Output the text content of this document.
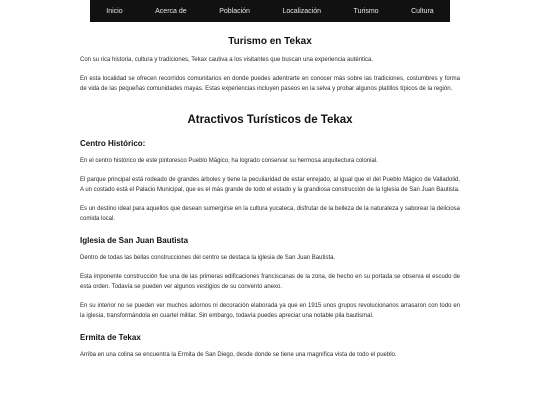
Inicio	Acerca de	Población	Localización	Turismo	Cultura
Turismo en Tekax

Con su rica historia, cultura y tradiciones, Tekax cautiva a los visitantes que buscan una experiencia auténtica.

En esta localidad se ofrecen recorridos comunitarios en donde puedes adentrarte en conocer más sobre las tradiciones, costumbres y forma de vida de las pequeñas comunidades mayas. Estas experiencias incluyen paseos en la selva y probar algunos platillos típicos de la región.

Atractivos Turísticos de Tekax
Centro Histórico:

En el centro histórico de este pintoresco Pueblo Mágico, ha logrado conservar su hermosa arquitectura colonial.

El parque principal está rodeado de grandes árboles y tiene la peculiaridad de estar enrejado, al igual que el del Pueblo Mágico de Valladolid. A un costado está el Palacio Municipal, que es el más grande de todo el estado y la grandiosa construcción de la Iglesia de San Juan Bautista.

Es un destino ideal para aquellos que desean sumergirse en la cultura yucateca, disfrutar de la belleza de la naturaleza y saborear la deliciosa comida local.

Iglesia de San Juan Bautista

Dentro de todas las bellas construcciones del centro se destaca la iglesia de San Juan Bautista.

Esta imponente construcción fue una de las primeras edificaciones franciscanas de la zona, de hecho en su portada se observa el escudo de esta orden. Todavía se pueden ver algunos vestigios de su convento anexo.

En su interior no se pueden ver muchos adornos ni decoración elaborada ya que en 1915 unos grupos revolucionarios arrasaron con todo en la iglesia, transformándola en cuartel militar. Sin embargo, todavía puedes apreciar una notable pila bautismal.

Ermita de Tekax

Arriba en una colina se encuentra la Ermita de San Diego, desde donde se tiene una magnífica vista de todo el pueblo.
